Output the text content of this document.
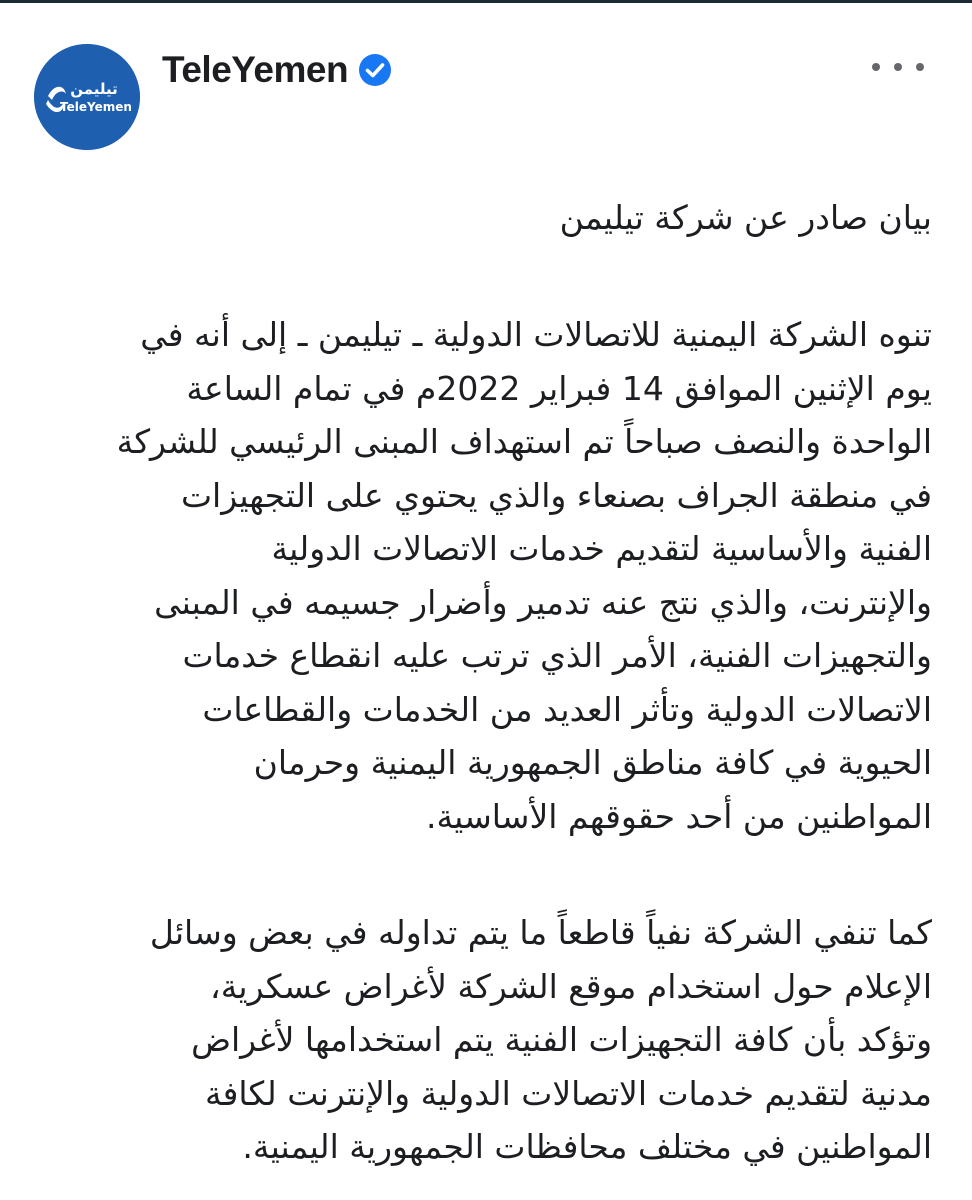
تيليمن
TeleYemen
TeleYemen

بيان صادر عن شركة تيليمن

تنوه الشركة اليمنية للاتصالات الدولية ـ تيليمن ـ إلى أنه في
يوم الإثنين الموافق 14 فبراير 2022م في تمام الساعة
الواحدة والنصف صباحاً تم استهداف المبنى الرئيسي للشركة
في منطقة الجراف بصنعاء والذي يحتوي على التجهيزات
الفنية والأساسية لتقديم خدمات الاتصالات الدولية
والإنترنت، والذي نتج عنه تدمير وأضرار جسيمه في المبنى
والتجهيزات الفنية، الأمر الذي ترتب عليه انقطاع خدمات
الاتصالات الدولية وتأثر العديد من الخدمات والقطاعات
الحيوية في كافة مناطق الجمهورية اليمنية وحرمان
المواطنين من أحد حقوقهم الأساسية.

كما تنفي الشركة نفياً قاطعاً ما يتم تداوله في بعض وسائل
الإعلام حول استخدام موقع الشركة لأغراض عسكرية،
وتؤكد بأن كافة التجهيزات الفنية يتم استخدامها لأغراض
مدنية لتقديم خدمات الاتصالات الدولية والإنترنت لكافة
المواطنين في مختلف محافظات الجمهورية اليمنية.
